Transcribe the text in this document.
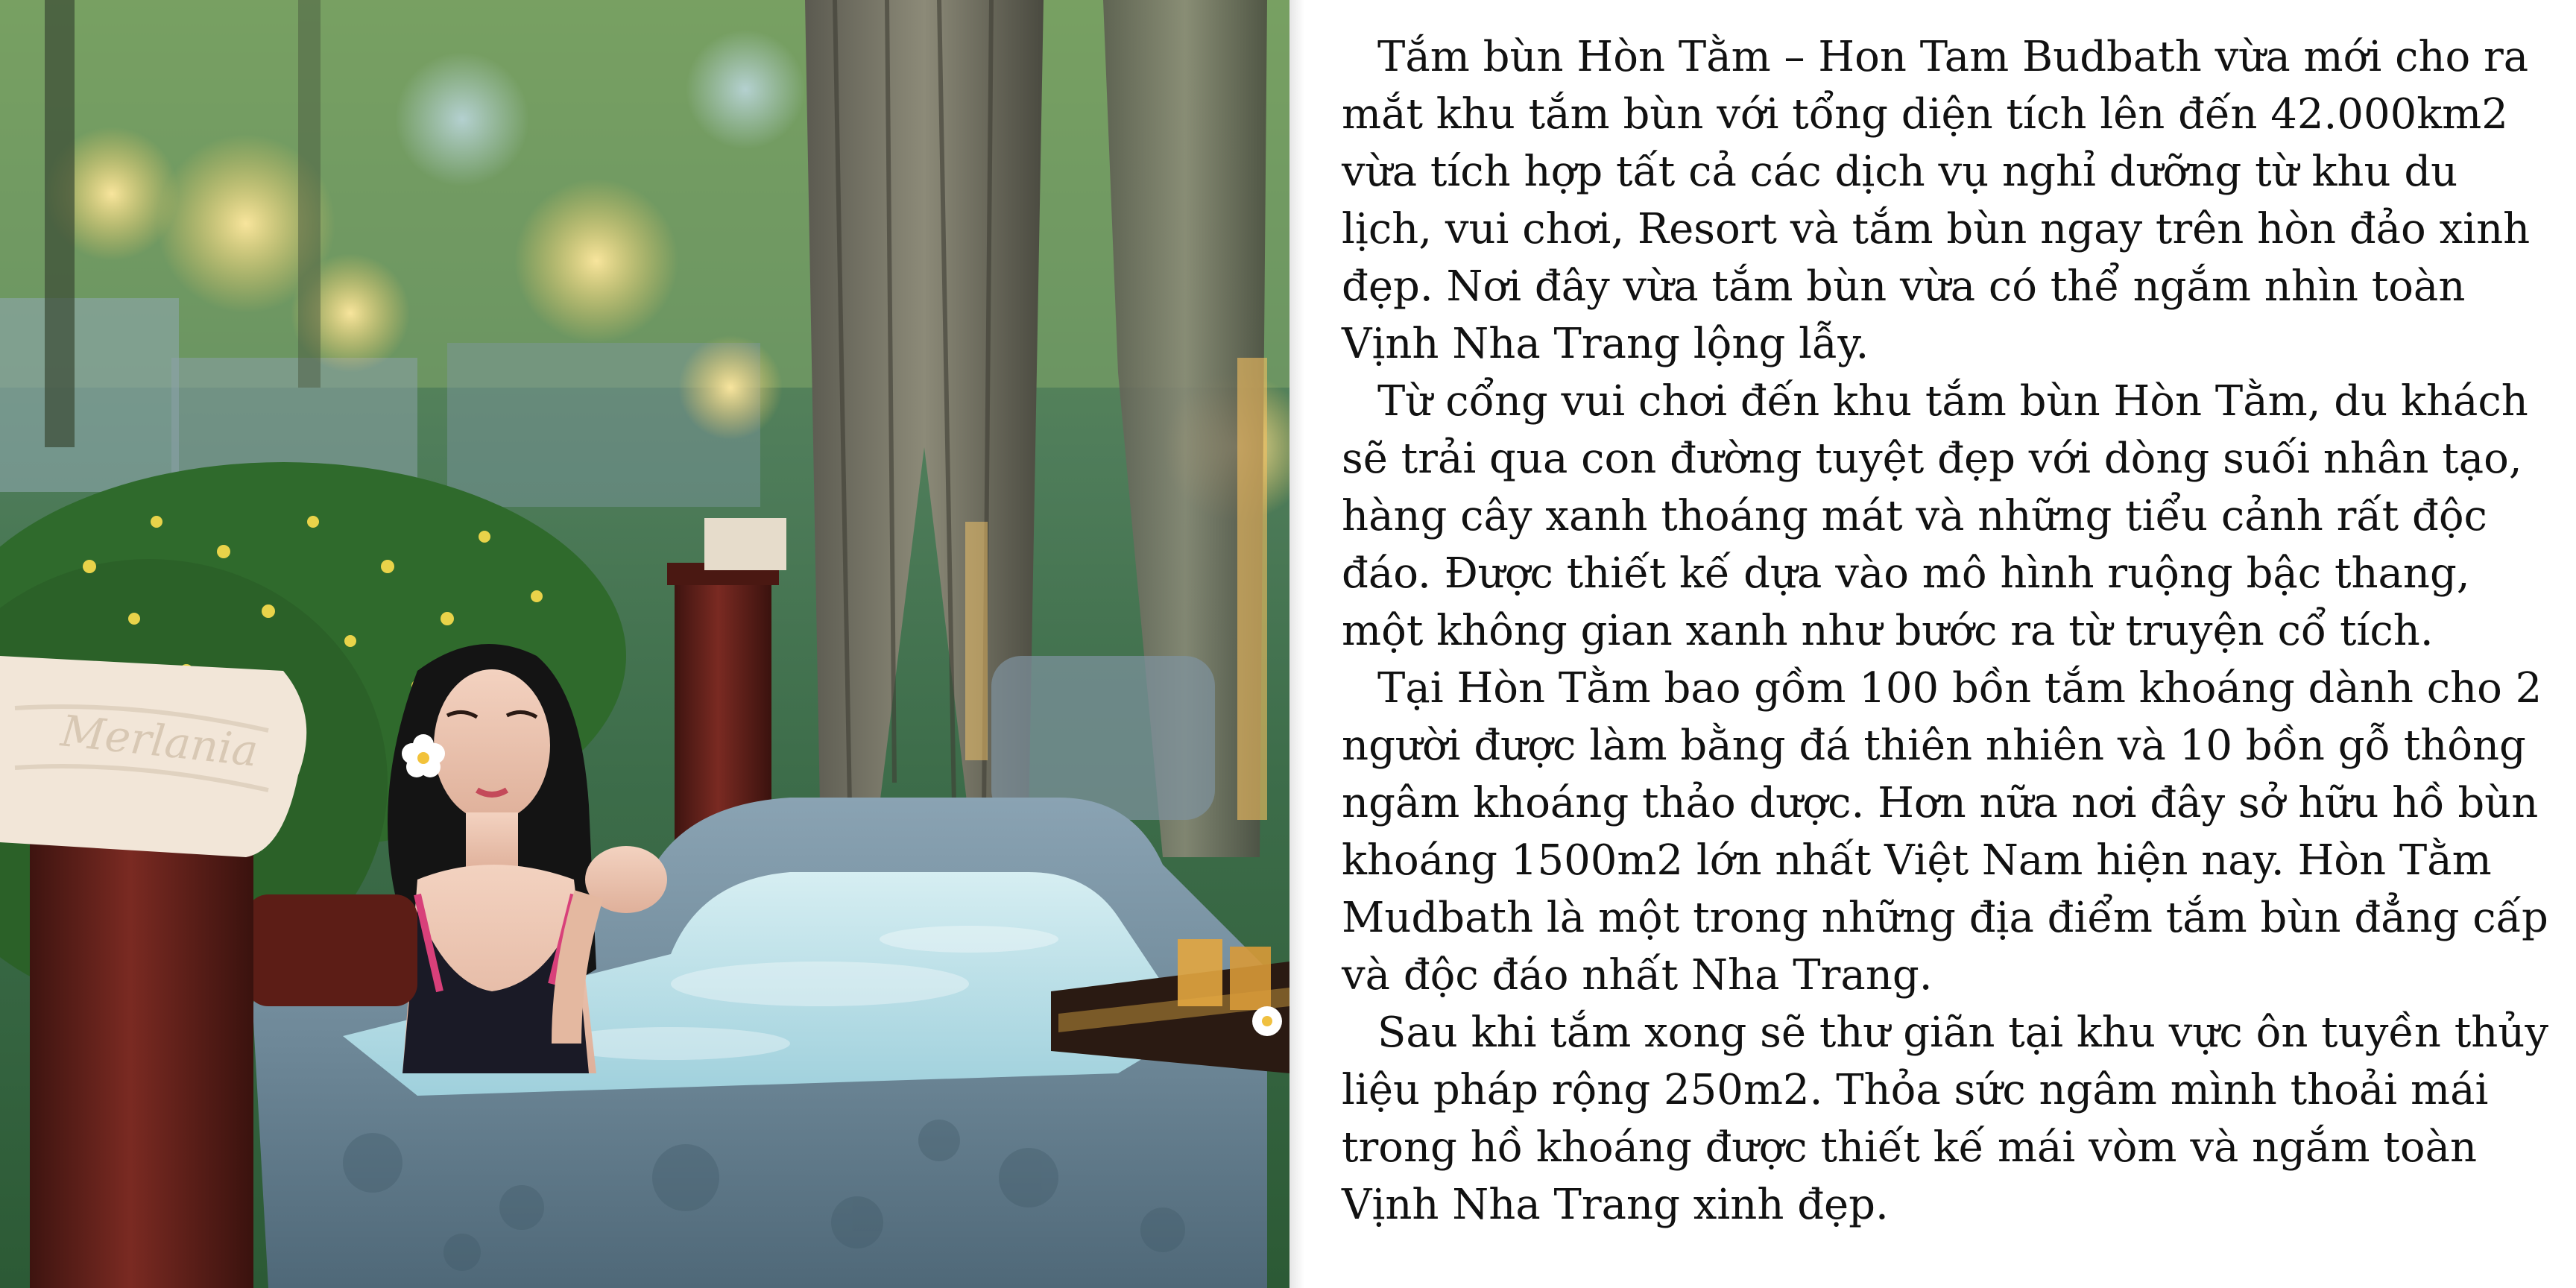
Merlania

Tắm bùn Hòn Tằm – Hon Tam Budbath vừa mới cho ra mắt khu tắm bùn với tổng diện tích lên đến 42.000km2 vừa tích hợp tất cả các dịch vụ nghỉ dưỡng từ khu du lịch, vui chơi, Resort và tắm bùn ngay trên hòn đảo xinh đẹp. Nơi đây vừa tắm bùn vừa có thể ngắm nhìn toàn Vịnh Nha Trang lộng lẫy.

Từ cổng vui chơi đến khu tắm bùn Hòn Tằm, du khách sẽ trải qua con đường tuyệt đẹp với dòng suối nhân tạo, hàng cây xanh thoáng mát và những tiểu cảnh rất độc đáo. Được thiết kế dựa vào mô hình ruộng bậc thang, một không gian xanh như bước ra từ truyện cổ tích.

Tại Hòn Tằm bao gồm 100 bồn tắm khoáng dành cho 2 người được làm bằng đá thiên nhiên và 10 bồn gỗ thông ngâm khoáng thảo dược. Hơn nữa nơi đây sở hữu hồ bùn khoáng 1500m2 lớn nhất Việt Nam hiện nay. Hòn Tằm Mudbath là một trong những địa điểm tắm bùn đẳng cấp và độc đáo nhất Nha Trang.

Sau khi tắm xong sẽ thư giãn tại khu vực ôn tuyền thủy liệu pháp rộng 250m2. Thỏa sức ngâm mình thoải mái trong hồ khoáng được thiết kế mái vòm và ngắm toàn Vịnh Nha Trang xinh đẹp.
